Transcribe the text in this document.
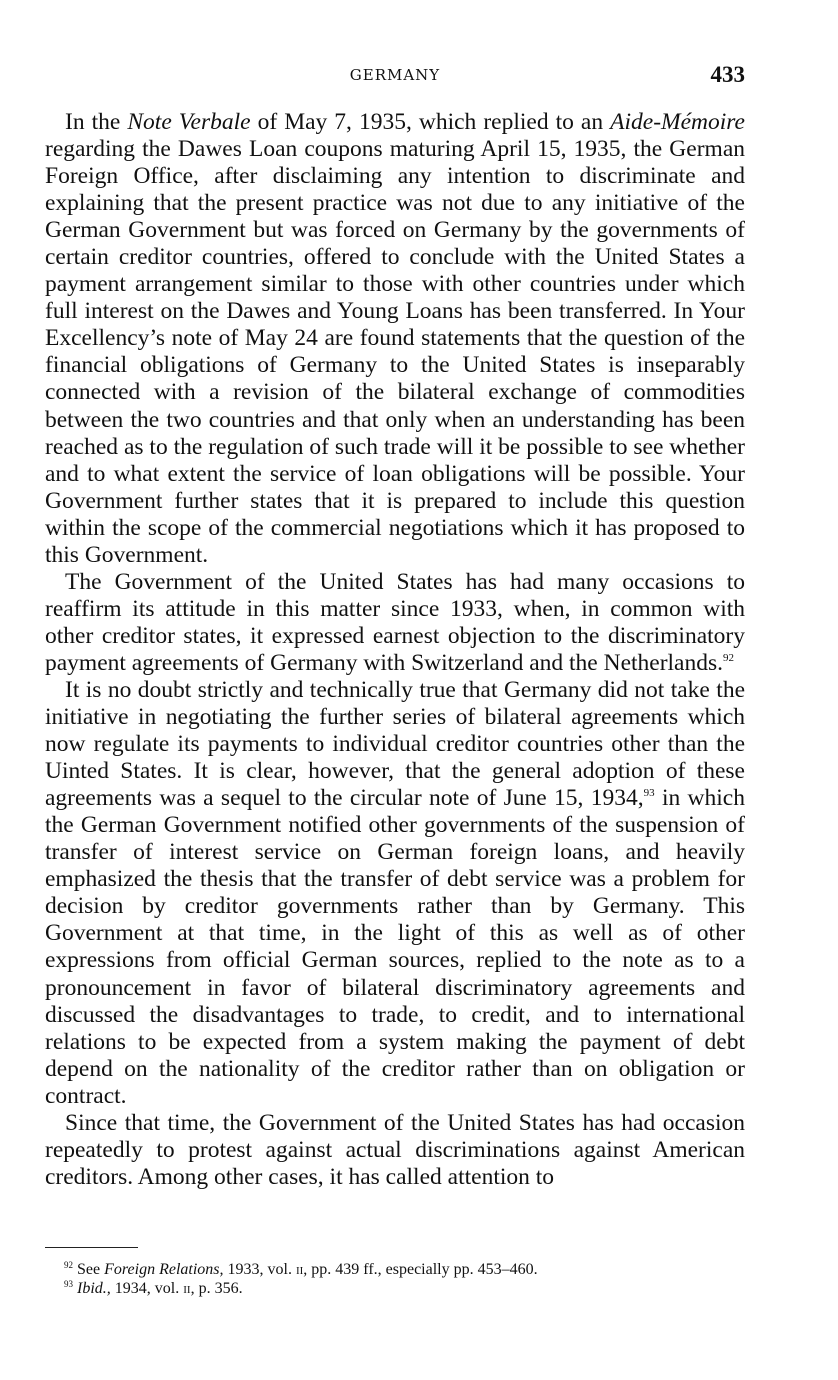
GERMANY	433

In the Note Verbale of May 7, 1935, which replied to an Aide-Mémoire regarding the Dawes Loan coupons maturing April 15, 1935, the German Foreign Office, after disclaiming any intention to discriminate and explaining that the present practice was not due to any initiative of the German Government but was forced on Germany by the governments of certain creditor countries, offered to conclude with the United States a payment arrangement similar to those with other countries under which full interest on the Dawes and Young Loans has been transferred. In Your Excellency’s note of May 24 are found statements that the question of the financial obligations of Germany to the United States is inseparably connected with a revision of the bilateral exchange of commodities between the two countries and that only when an understanding has been reached as to the regulation of such trade will it be possible to see whether and to what extent the service of loan obligations will be possible. Your Government further states that it is prepared to include this question within the scope of the commercial negotiations which it has proposed to this Government.

The Government of the United States has had many occasions to reaffirm its attitude in this matter since 1933, when, in common with other creditor states, it expressed earnest objection to the discriminatory payment agreements of Germany with Switzerland and the Netherlands.$^{92}$

It is no doubt strictly and technically true that Germany did not take the initiative in negotiating the further series of bilateral agreements which now regulate its payments to individual creditor countries other than the Uinted States. It is clear, however, that the general adoption of these agreements was a sequel to the circular note of June 15, 1934,93 in which the German Government notified other governments of the suspension of transfer of interest service on German foreign loans, and heavily emphasized the thesis that the transfer of debt service was a problem for decision by creditor governments rather than by Germany. This Government at that time, in the light of this as well as of other expressions from official German sources, replied to the note as to a pronouncement in favor of bilateral discriminatory agreements and discussed the disadvantages to trade, to credit, and to international relations to be expected from a system making the payment of debt depend on the nationality of the creditor rather than on obligation or contract.

Since that time, the Government of the United States has had occasion repeatedly to protest against actual discriminations against American creditors. Among other cases, it has called attention to

$^{92}$ See Foreign Relations, 1933, vol. ii, pp. 439 ff., especially pp. 453–460.

$^{93}$ Ibid., 1934, vol. ii, p. 356.
